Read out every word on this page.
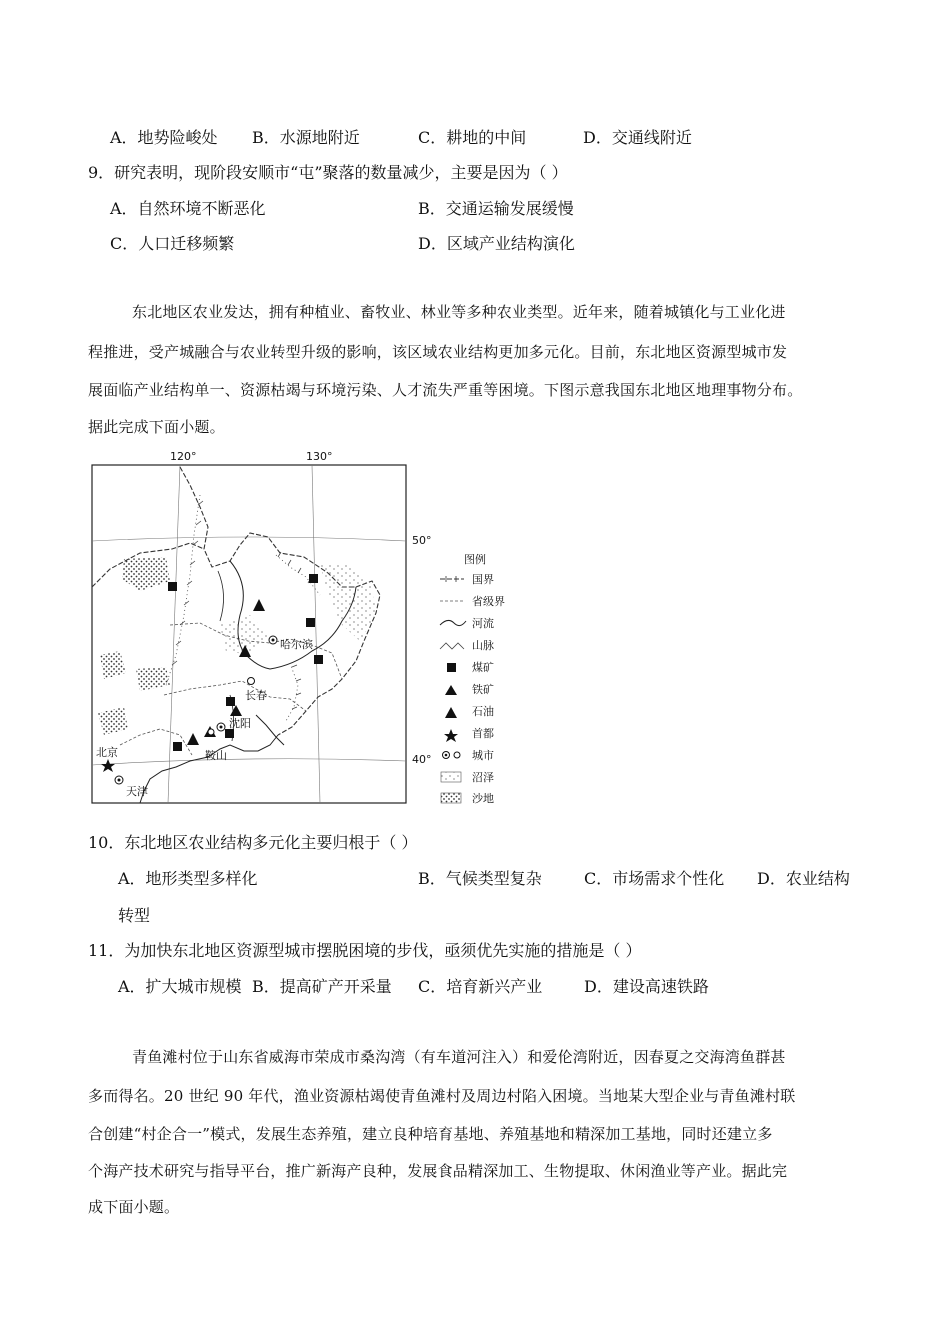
A．地势险峻处 B．水源地附近	C．耕地的中间	D．交通线附近
9．研究表明，现阶段安顺市“屯”聚落的数量减少，主要是因为（ ）
A．自然环境不断恶化	B．交通运输发展缓慢
C．人口迁移频繁	D．区域产业结构演化
东北地区农业发达，拥有种植业、畜牧业、林业等多种农业类型。近年来，随着城镇化与工业化进
程推进，受产城融合与农业转型升级的影响，该区域农业结构更加多元化。目前，东北地区资源型城市发
展面临产业结构单一、资源枯竭与环境污染、人才流失严重等困境。下图示意我国东北地区地理事物分布。
据此完成下面小题。
120°	130°
50°
40°
哈尔滨
长春
沈阳
鞍山
北京
天津
图例
国界
省级界
河流
山脉
煤矿
铁矿
石油
首都
城市
沼泽
沙地
10．东北地区农业结构多元化主要归根于（ ）
A．地形类型多样化	B．气候类型复杂	C．市场需求个性化 D．农业结构
转型
11．为加快东北地区资源型城市摆脱困境的步伐，亟须优先实施的措施是（ ）
A．扩大城市规模 B．提高矿产开采量 C．培育新兴产业	D．建设高速铁路
青鱼滩村位于山东省威海市荣成市桑沟湾（有车道河注入）和爱伦湾附近，因春夏之交海湾鱼群甚
多而得名。20 世纪 90 年代，渔业资源枯竭使青鱼滩村及周边村陷入困境。当地某大型企业与青鱼滩村联
合创建“村企合一”模式，发展生态养殖，建立良种培育基地、养殖基地和精深加工基地，同时还建立多
个海产技术研究与指导平台，推广新海产良种，发展食品精深加工、生物提取、休闲渔业等产业。据此完
成下面小题。
